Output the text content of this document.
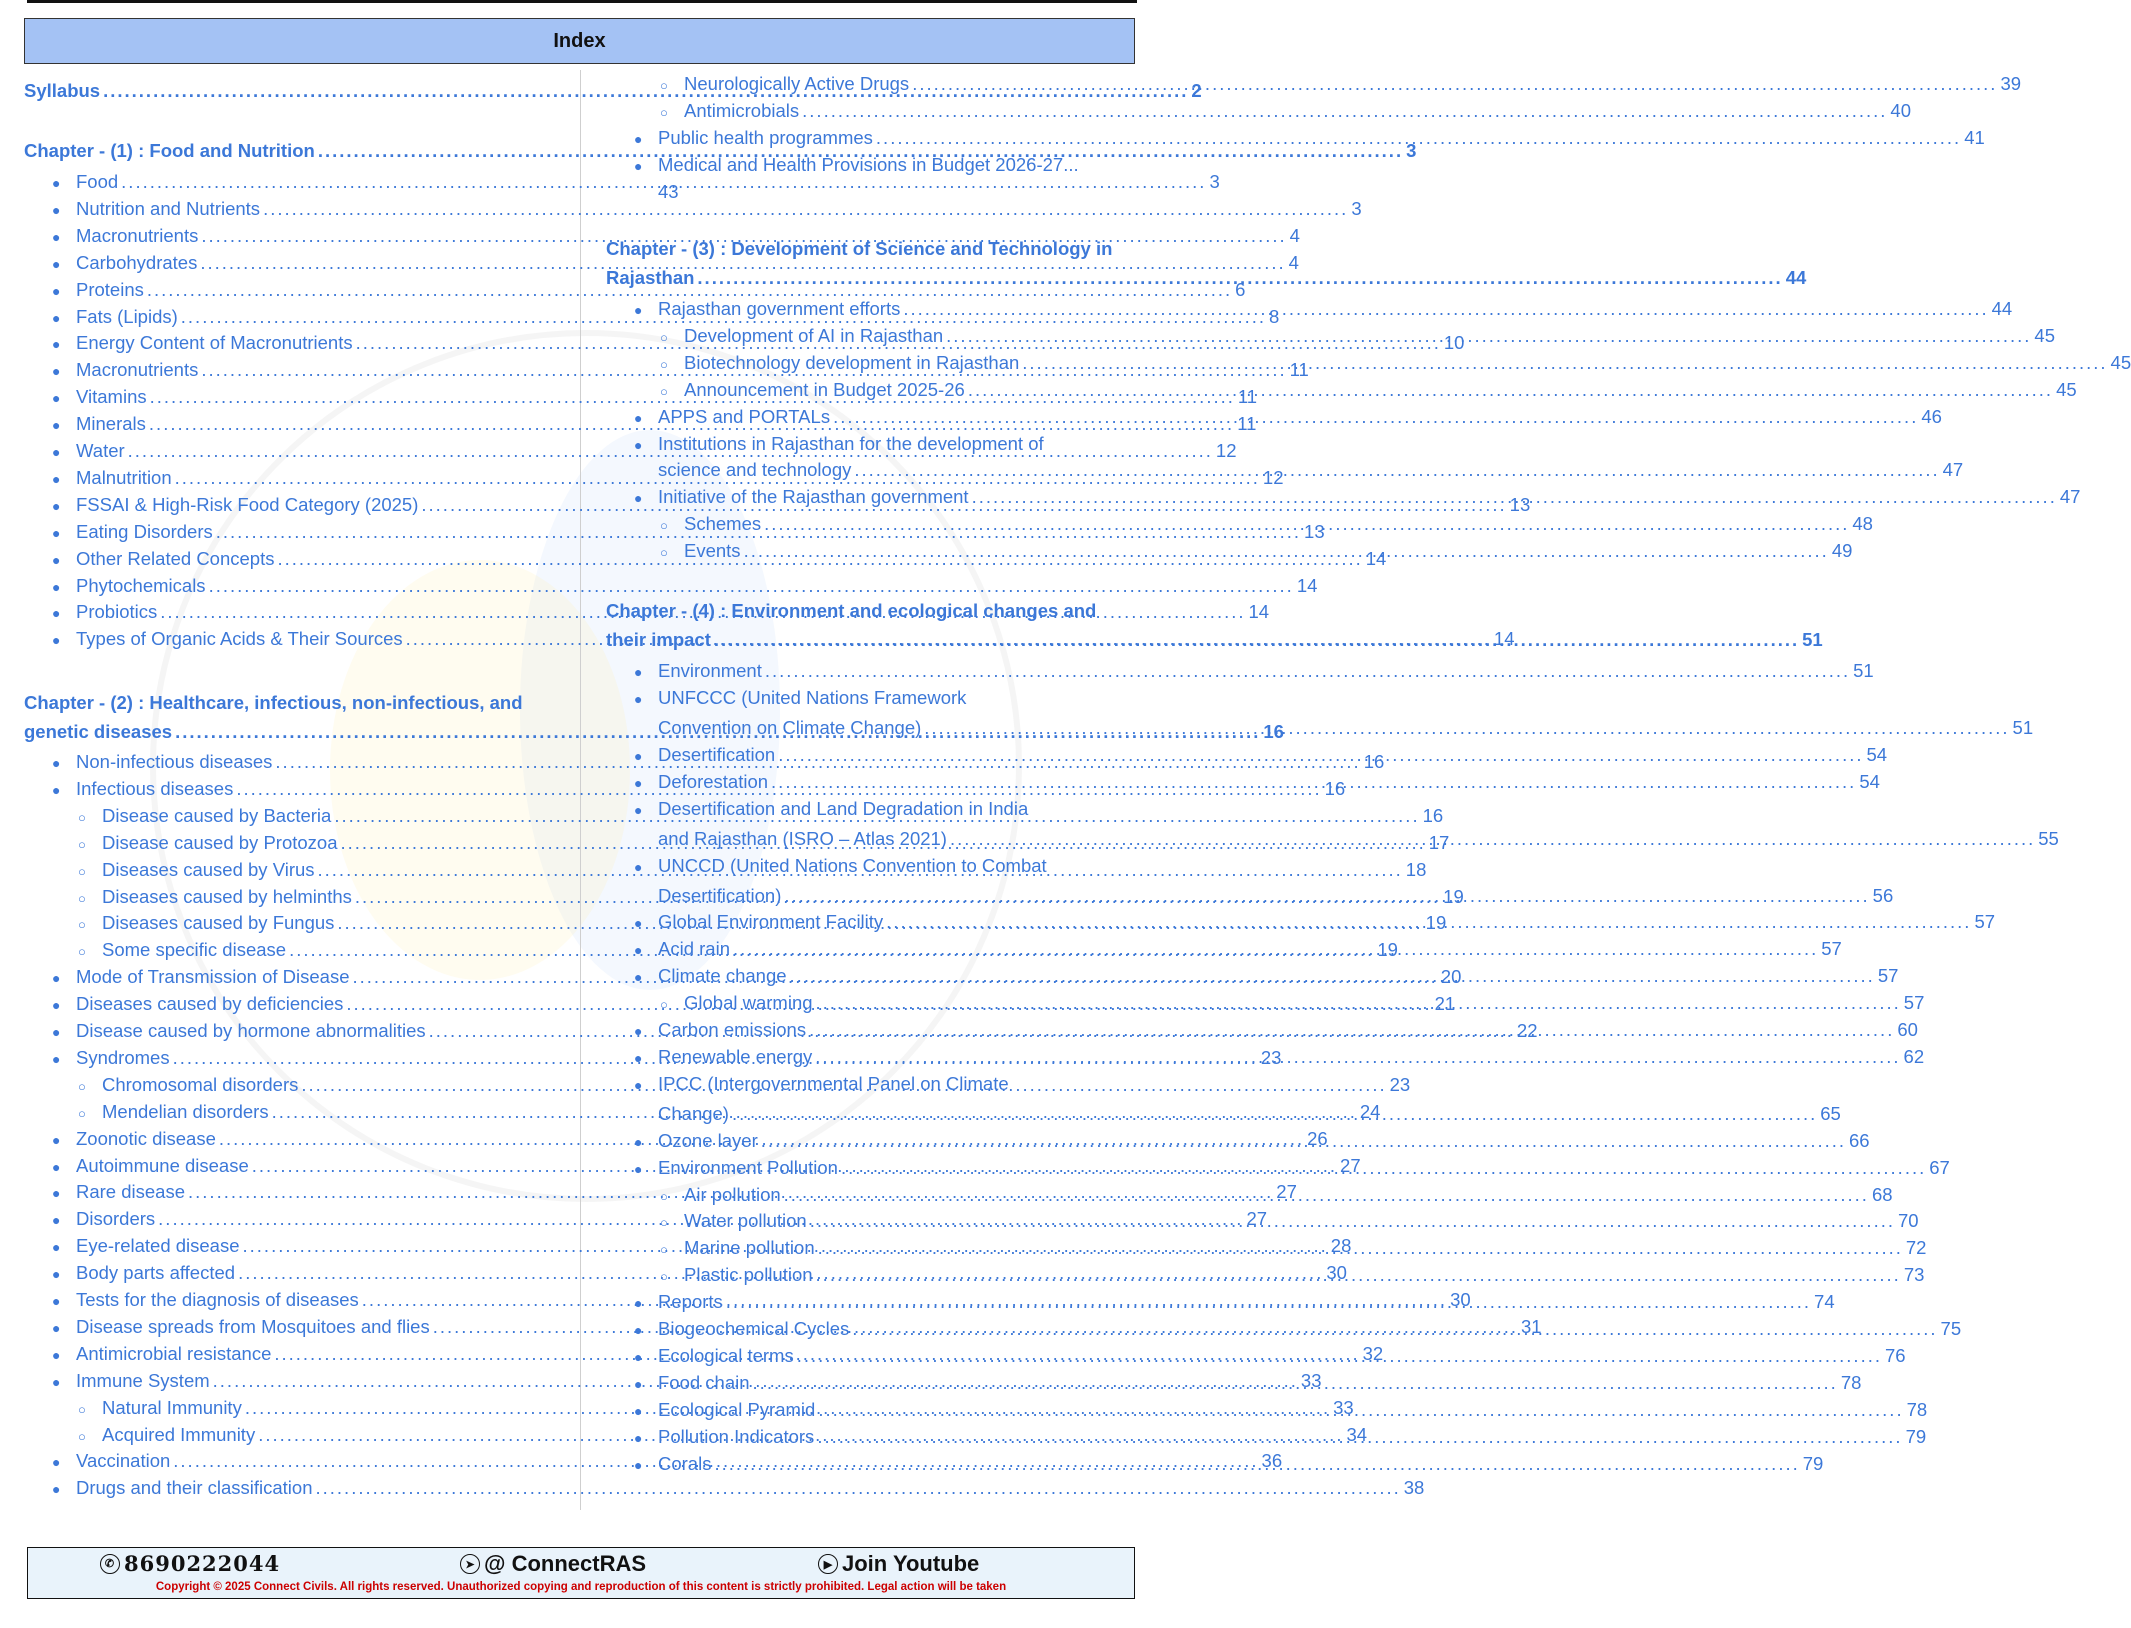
Index
Syllabus .....	2
Chapter - (1) : Food and Nutrition .....	3
● Food .....	3
● Nutrition and Nutrients .....	3
● Macronutrients .....	4
● Carbohydrates .....	4
● Proteins .....	6
● Fats (Lipids) .....	8
● Energy Content of Macronutrients .....	10
● Macronutrients .....	11
● Vitamins .....	11
● Minerals .....	11
● Water .....	12
● Malnutrition .....	12
● FSSAI & High-Risk Food Category (2025) .....	13
● Eating Disorders .....	13
● Other Related Concepts .....	14
● Phytochemicals .....	14
● Probiotics .....	14
● Types of Organic Acids & Their Sources .....	14
Chapter - (2) : Healthcare, infectious, non-infectious, and
genetic diseases .....	16
● Non-infectious diseases .....	16
● Infectious diseases .....	16
○ Disease caused by Bacteria .....	16
○ Disease caused by Protozoa .....	17
○ Diseases caused by Virus .....	18
○ Diseases caused by helminths .....	19
○ Diseases caused by Fungus .....	19
○ Some specific disease .....	19
● Mode of Transmission of Disease .....	20
● Diseases caused by deficiencies .....	21
● Disease caused by hormone abnormalities .....	22
● Syndromes .....	23
○ Chromosomal disorders .....	23
○ Mendelian disorders .....	24
● Zoonotic disease .....	26
● Autoimmune disease .....	27
● Rare disease .....	27
● Disorders .....	27
● Eye-related disease .....	28
● Body parts affected .....	30
● Tests for the diagnosis of diseases .....	30
● Disease spreads from Mosquitoes and flies .....	31
● Antimicrobial resistance .....	32
● Immune System .....	33
○ Natural Immunity .....	33
○ Acquired Immunity .....	34
● Vaccination .....	36
● Drugs and their classification .....	38
○ Neurologically Active Drugs .....	39
○ Antimicrobials .....	40
● Public health programmes .....	41
● Medical and Health Provisions in Budget 2026-27...
43
Chapter - (3) : Development of Science and Technology in
Rajasthan .....	44
● Rajasthan government efforts .....	44
○ Development of AI in Rajasthan .....	45
○ Biotechnology development in Rajasthan .....	45
○ Announcement in Budget 2025-26 .....	45
● APPS and PORTALs .....	46
● Institutions in Rajasthan for the development of
science and technology .....	47
● Initiative of the Rajasthan government .....	47
○ Schemes .....	48
○ Events .....	49
Chapter - (4) : Environment and ecological changes and
their impact .....	51
● Environment .....	51
● UNFCCC (United Nations Framework
Convention on Climate Change) .....	51
● Desertification .....	54
● Deforestation .....	54
● Desertification and Land Degradation in India
and Rajasthan (ISRO – Atlas 2021) .....	55
● UNCCD (United Nations Convention to Combat
Desertification) .....	56
● Global Environment Facility .....	57
● Acid rain .....	57
● Climate change .....	57
○ Global warming .....	57
● Carbon emissions .....	60
● Renewable energy .....	62
● IPCC (Intergovernmental Panel on Climate
Change) .....	65
● Ozone layer .....	66
● Environment Pollution .....	67
○ Air pollution .....	68
○ Water pollution .....	70
○ Marine pollution .....	72
○ Plastic pollution .....	73
● Reports .....	74
● Biogeochemical Cycles .....	75
● Ecological terms .....	76
● Food chain .....	78
● Ecological Pyramid .....	78
● Pollution Indicators .....	79
● Corals .....	79
✆ 8690222044	➤ @ ConnectRAS	▶ Join Youtube
Copyright © 2025 Connect Civils. All rights reserved. Unauthorized copying and reproduction of this content is strictly prohibited. Legal action will be taken
